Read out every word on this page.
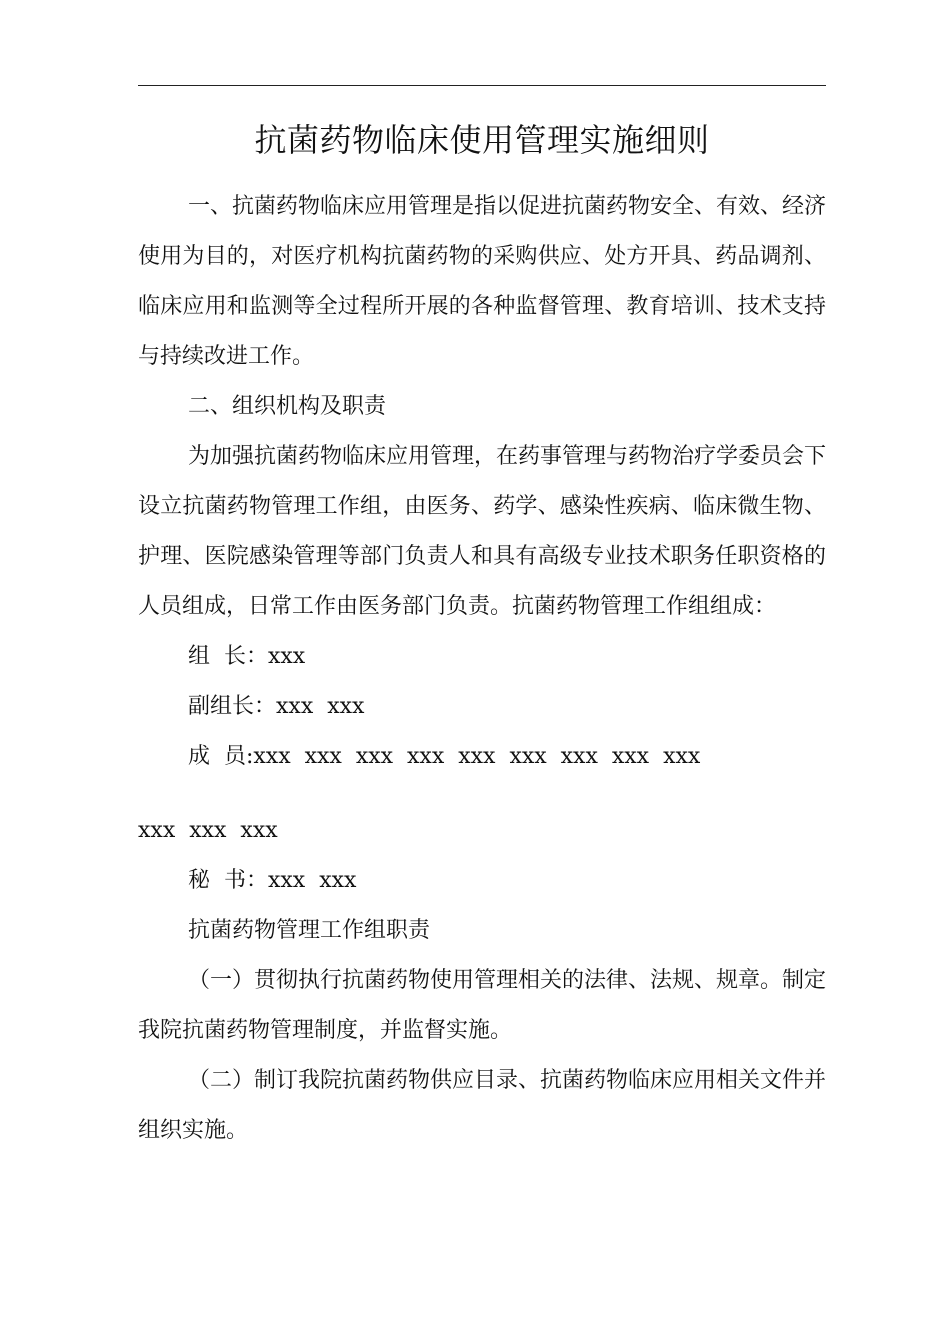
抗菌药物临床使用管理实施细则

一、抗菌药物临床应用管理是指以促进抗菌药物安全、有效、经济使用为目的，对医疗机构抗菌药物的采购供应、处方开具、药品调剂、临床应用和监测等全过程所开展的各种监督管理、教育培训、技术支持与持续改进工作。

二、组织机构及职责

为加强抗菌药物临床应用管理，在药事管理与药物治疗学委员会下设立抗菌药物管理工作组，由医务、药学、感染性疾病、临床微生物、护理、医院感染管理等部门负责人和具有高级专业技术职务任职资格的人员组成，日常工作由医务部门负责。抗菌药物管理工作组组成：

组  长：xxx

副组长：xxx  xxx

成  员:xxx  xxx  xxx  xxx  xxx  xxx  xxx  xxx  xxx

xxx  xxx  xxx

秘  书：xxx  xxx

抗菌药物管理工作组职责

（一）贯彻执行抗菌药物使用管理相关的法律、法规、规章。制定我院抗菌药物管理制度，并监督实施。

（二）制订我院抗菌药物供应目录、抗菌药物临床应用相关文件并组织实施。
